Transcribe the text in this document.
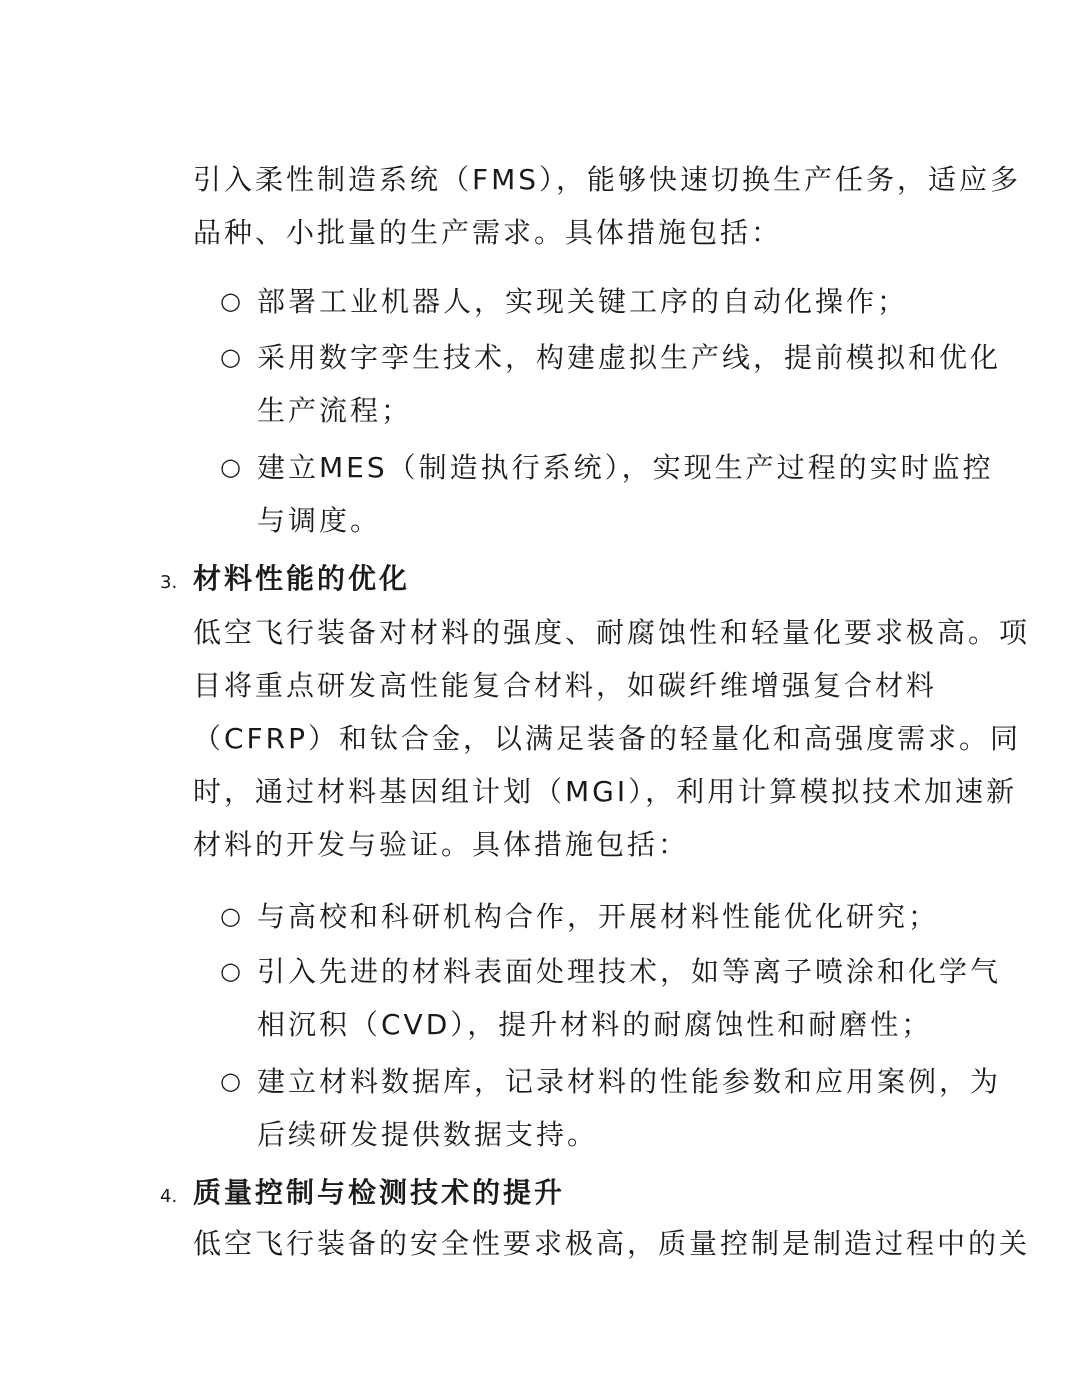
引入柔性制造系统（FMS），能够快速切换生产任务，适应多
品种、小批量的生产需求。具体措施包括：
○ 部署工业机器人，实现关键工序的自动化操作；
○ 采用数字孪生技术，构建虚拟生产线，提前模拟和优化
生产流程；
○ 建立MES（制造执行系统），实现生产过程的实时监控
与调度。
3. 材料性能的优化
低空飞行装备对材料的强度、耐腐蚀性和轻量化要求极高。项
目将重点研发高性能复合材料，如碳纤维增强复合材料
（CFRP）和钛合金，以满足装备的轻量化和高强度需求。同
时，通过材料基因组计划（MGI），利用计算模拟技术加速新
材料的开发与验证。具体措施包括：
○ 与高校和科研机构合作，开展材料性能优化研究；
○ 引入先进的材料表面处理技术，如等离子喷涂和化学气
相沉积（CVD），提升材料的耐腐蚀性和耐磨性；
○ 建立材料数据库，记录材料的性能参数和应用案例，为
后续研发提供数据支持。
4. 质量控制与检测技术的提升
低空飞行装备的安全性要求极高，质量控制是制造过程中的关
